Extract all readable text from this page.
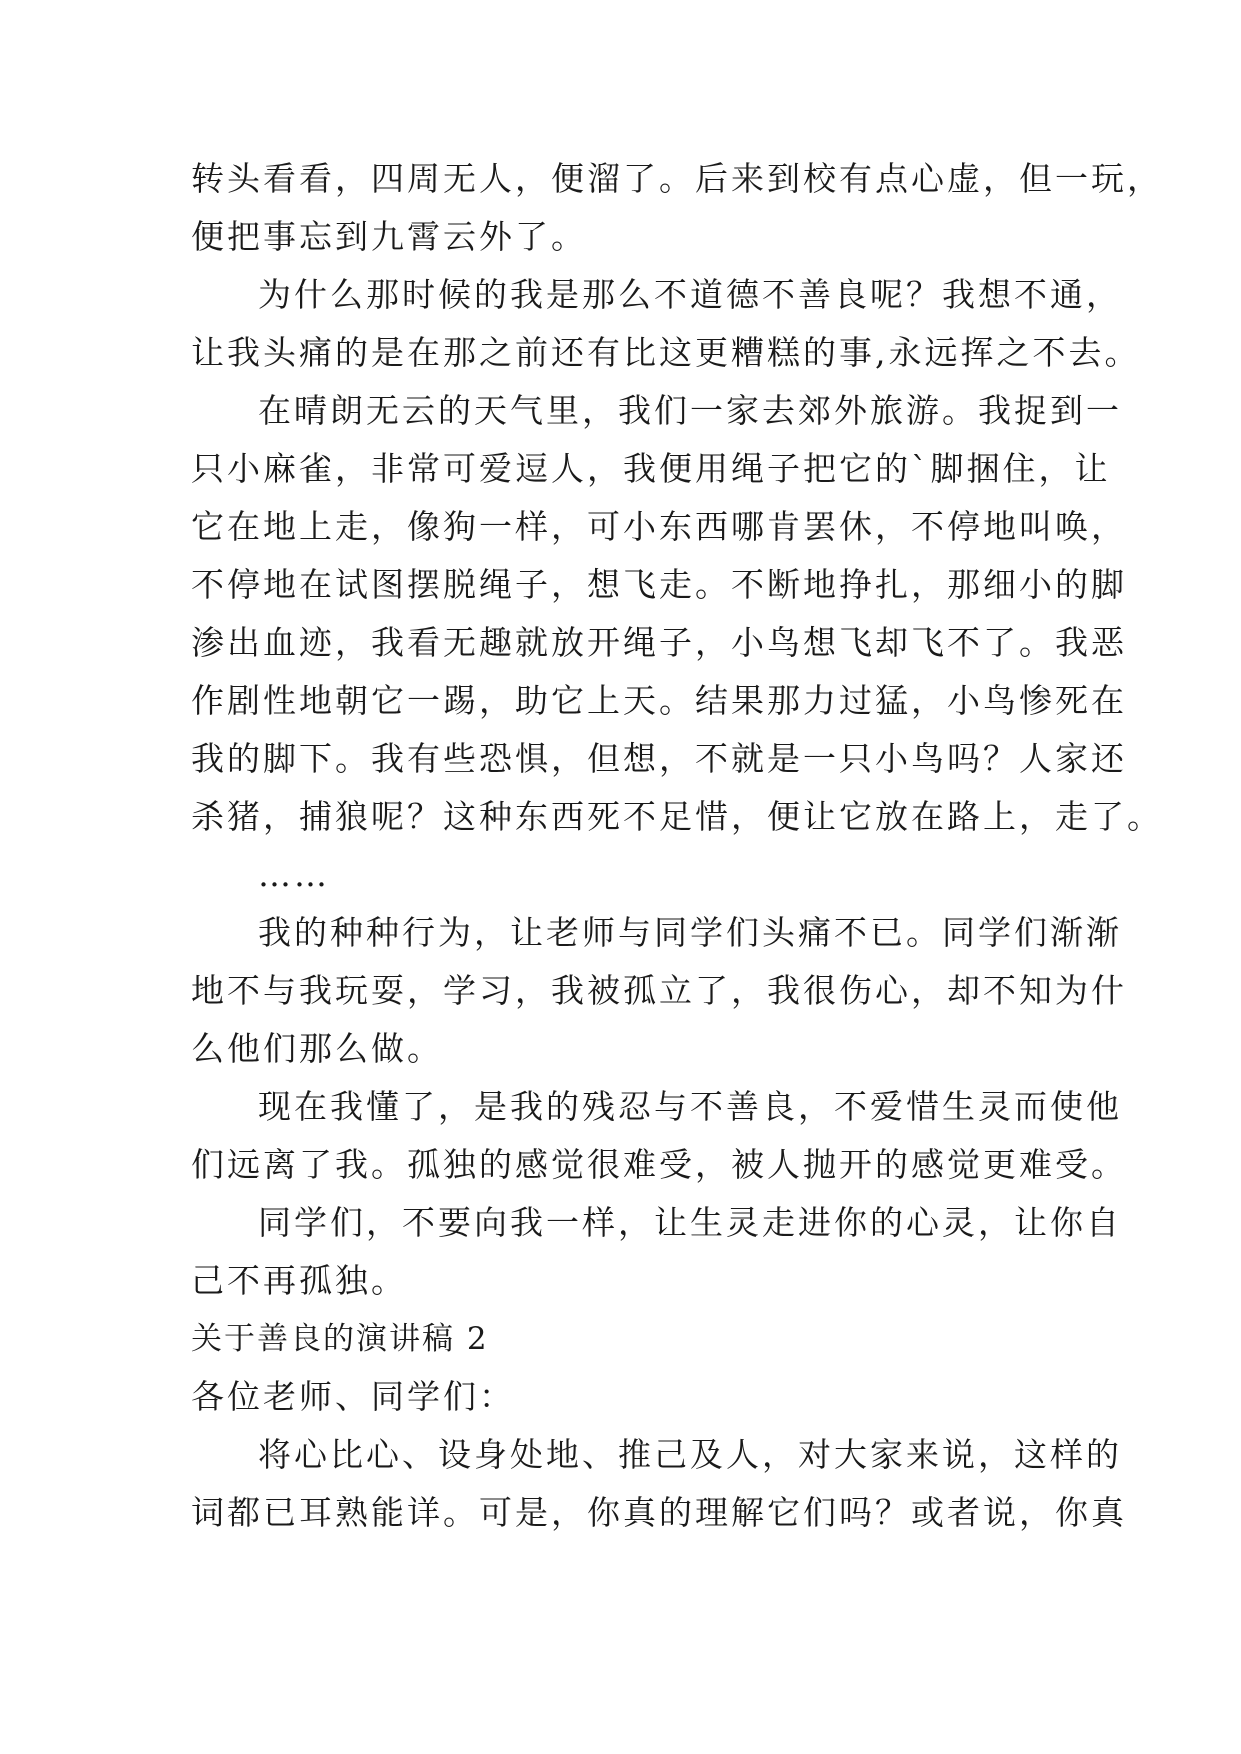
转头看看，四周无人，便溜了。后来到校有点心虚，但一玩，
便把事忘到九霄云外了。
为什么那时候的我是那么不道德不善良呢？我想不通，
让我头痛的是在那之前还有比这更糟糕的事,永远挥之不去。
在晴朗无云的天气里，我们一家去郊外旅游。我捉到一
只小麻雀，非常可爱逗人，我便用绳子把它的`脚捆住，让
它在地上走，像狗一样，可小东西哪肯罢休，不停地叫唤，
不停地在试图摆脱绳子，想飞走。不断地挣扎，那细小的脚
渗出血迹，我看无趣就放开绳子，小鸟想飞却飞不了。我恶
作剧性地朝它一踢，助它上天。结果那力过猛，小鸟惨死在
我的脚下。我有些恐惧，但想，不就是一只小鸟吗？人家还
杀猪，捕狼呢？这种东西死不足惜，便让它放在路上，走了。
……
我的种种行为，让老师与同学们头痛不已。同学们渐渐
地不与我玩耍，学习，我被孤立了，我很伤心，却不知为什
么他们那么做。
现在我懂了，是我的残忍与不善良，不爱惜生灵而使他
们远离了我。孤独的感觉很难受，被人抛开的感觉更难受。
同学们，不要向我一样，让生灵走进你的心灵，让你自
己不再孤独。
关于善良的演讲稿 2
各位老师、同学们：
将心比心、设身处地、推己及人，对大家来说，这样的
词都已耳熟能详。可是，你真的理解它们吗？或者说，你真
